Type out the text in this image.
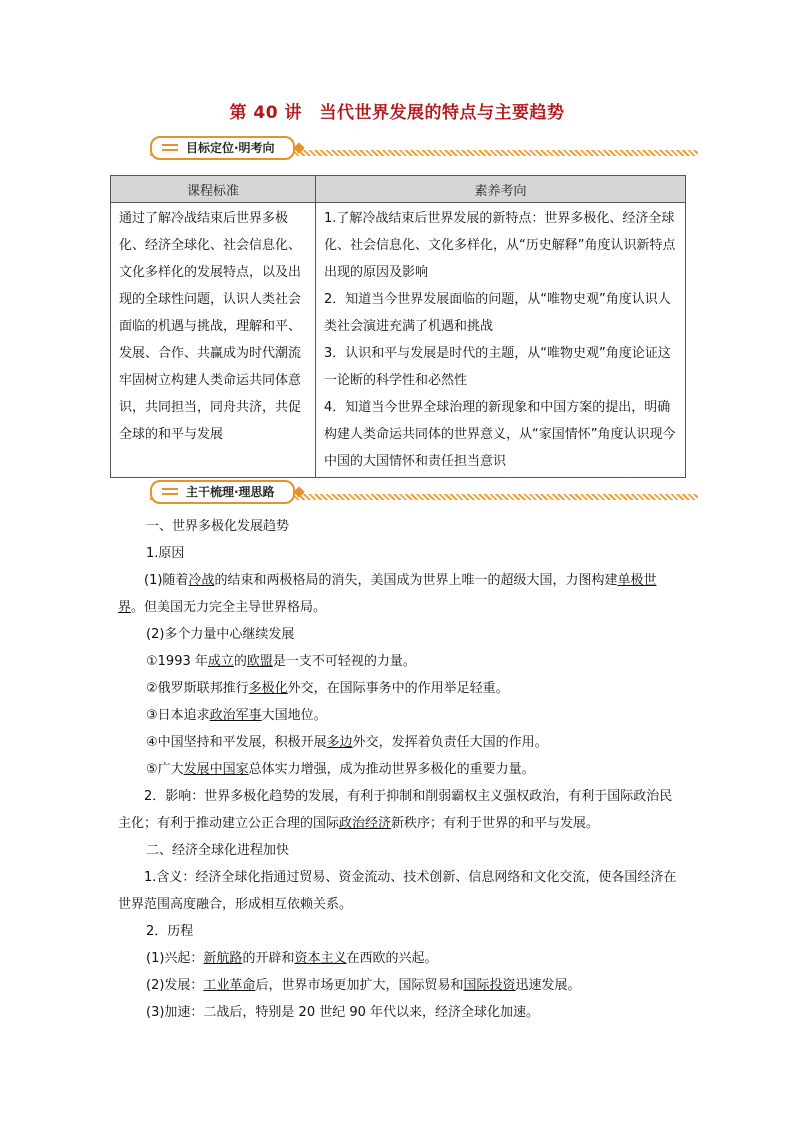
第 40 讲　当代世界发展的特点与主要趋势
目标定位·明考向
课程标准	素养考向
通过了解冷战结束后世界多极化、经济全球化、社会信息化、文化多样化的发展特点，以及出现的全球性问题，认识人类社会面临的机遇与挑战，理解和平、发展、合作、共赢成为时代潮流牢固树立构建人类命运共同体意识，共同担当，同舟共济，共促全球的和平与发展	1.了解冷战结束后世界发展的新特点：世界多极化、经济全球化、社会信息化、文化多样化，从“历史解释”角度认识新特点出现的原因及影响
2．知道当今世界发展面临的问题，从“唯物史观”角度认识人类社会演进充满了机遇和挑战
3．认识和平与发展是时代的主题，从“唯物史观”角度论证这一论断的科学性和必然性
4．知道当今世界全球治理的新现象和中国方案的提出，明确构建人类命运共同体的世界意义，从“家国情怀”角度认识现今中国的大国情怀和责任担当意识
主干梳理·理思路

一、世界多极化发展趋势

1.原因

(1)随着冷战的结束和两极格局的消失，美国成为世界上唯一的超级大国，力图构建单极世界。但美国无力完全主导世界格局。

(2)多个力量中心继续发展

①1993 年成立的欧盟是一支不可轻视的力量。

②俄罗斯联邦推行多极化外交，在国际事务中的作用举足轻重。

③日本追求政治军事大国地位。

④中国坚持和平发展，积极开展多边外交，发挥着负责任大国的作用。

⑤广大发展中国家总体实力增强，成为推动世界多极化的重要力量。

2．影响：世界多极化趋势的发展，有利于抑制和削弱霸权主义强权政治，有利于国际政治民主化；有利于推动建立公正合理的国际政治经济新秩序；有利于世界的和平与发展。

二、经济全球化进程加快

1.含义：经济全球化指通过贸易、资金流动、技术创新、信息网络和文化交流，使各国经济在世界范围高度融合，形成相互依赖关系。

2．历程

(1)兴起：新航路的开辟和资本主义在西欧的兴起。

(2)发展：工业革命后，世界市场更加扩大，国际贸易和国际投资迅速发展。

(3)加速：二战后，特别是 20 世纪 90 年代以来，经济全球化加速。
